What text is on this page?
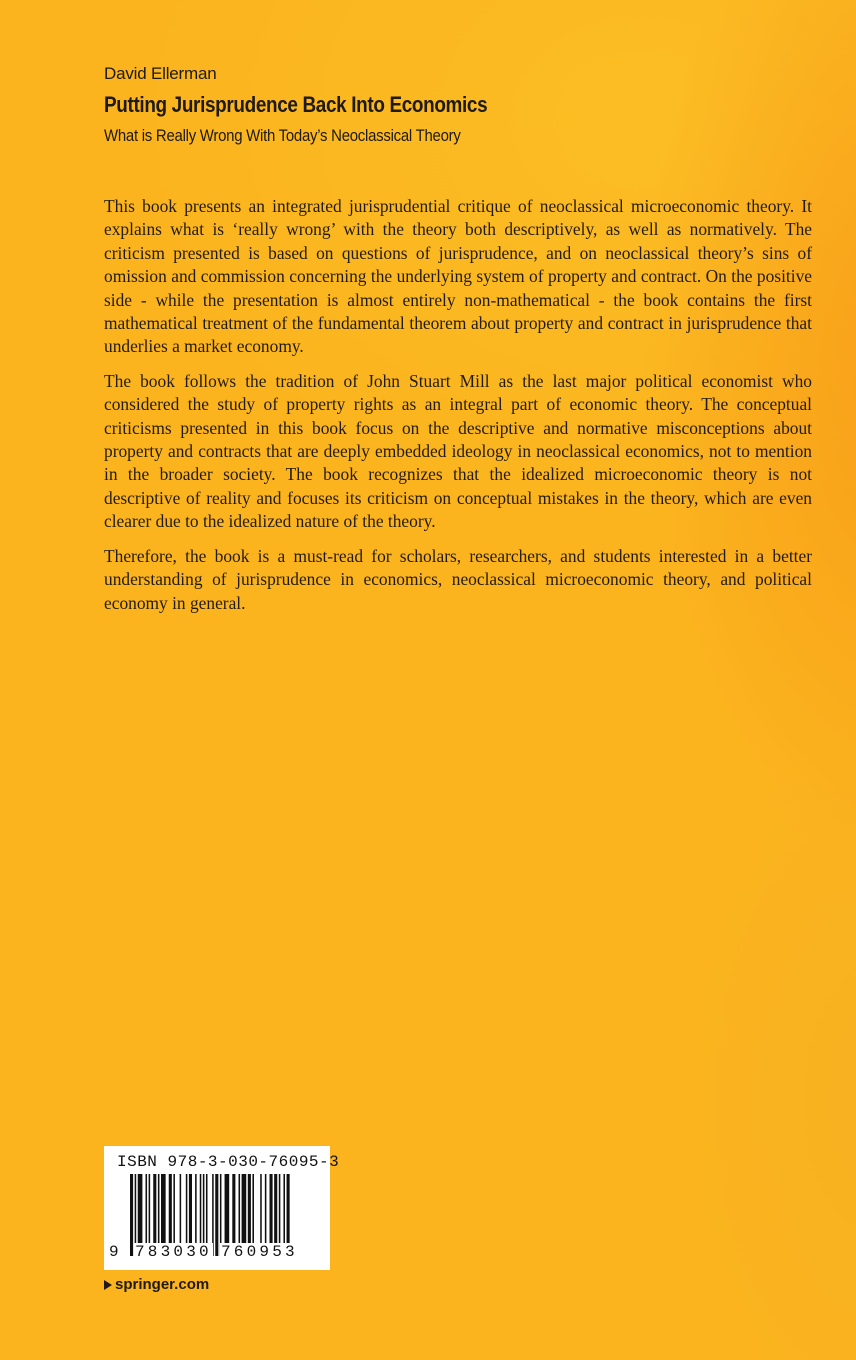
David Ellerman
Putting Jurisprudence Back Into Economics
What is Really Wrong With Today’s Neoclassical Theory

This book presents an integrated jurisprudential critique of neoclassical microeconomic theory. It explains what is ‘really wrong’ with the theory both descriptively, as well as normatively. The criticism presented is based on questions of jurisprudence, and on neoclassical theory’s sins of omission and commission concerning the underlying system of property and contract. On the positive side - while the presentation is almost entirely non-mathematical - the book contains the first mathematical treatment of the fundamental theorem about property and contract in jurisprudence that underlies a market economy.

The book follows the tradition of John Stuart Mill as the last major political economist who considered the study of property rights as an integral part of economic theory. The conceptual criticisms presented in this book focus on the descriptive and normative misconceptions about property and contracts that are deeply embedded ideology in neoclassical economics, not to mention in the broader society. The book recognizes that the idealized microeconomic theory is not descriptive of reality and focuses its criticism on conceptual mistakes in the theory, which are even clearer due to the idealized nature of the theory.

Therefore, the book is a must-read for scholars, researchers, and students interested in a better understanding of jurisprudence in economics, neoclassical microeconomic theory, and political economy in general.

ISBN 978-3-030-76095-3
9 783030 760953
springer.com
